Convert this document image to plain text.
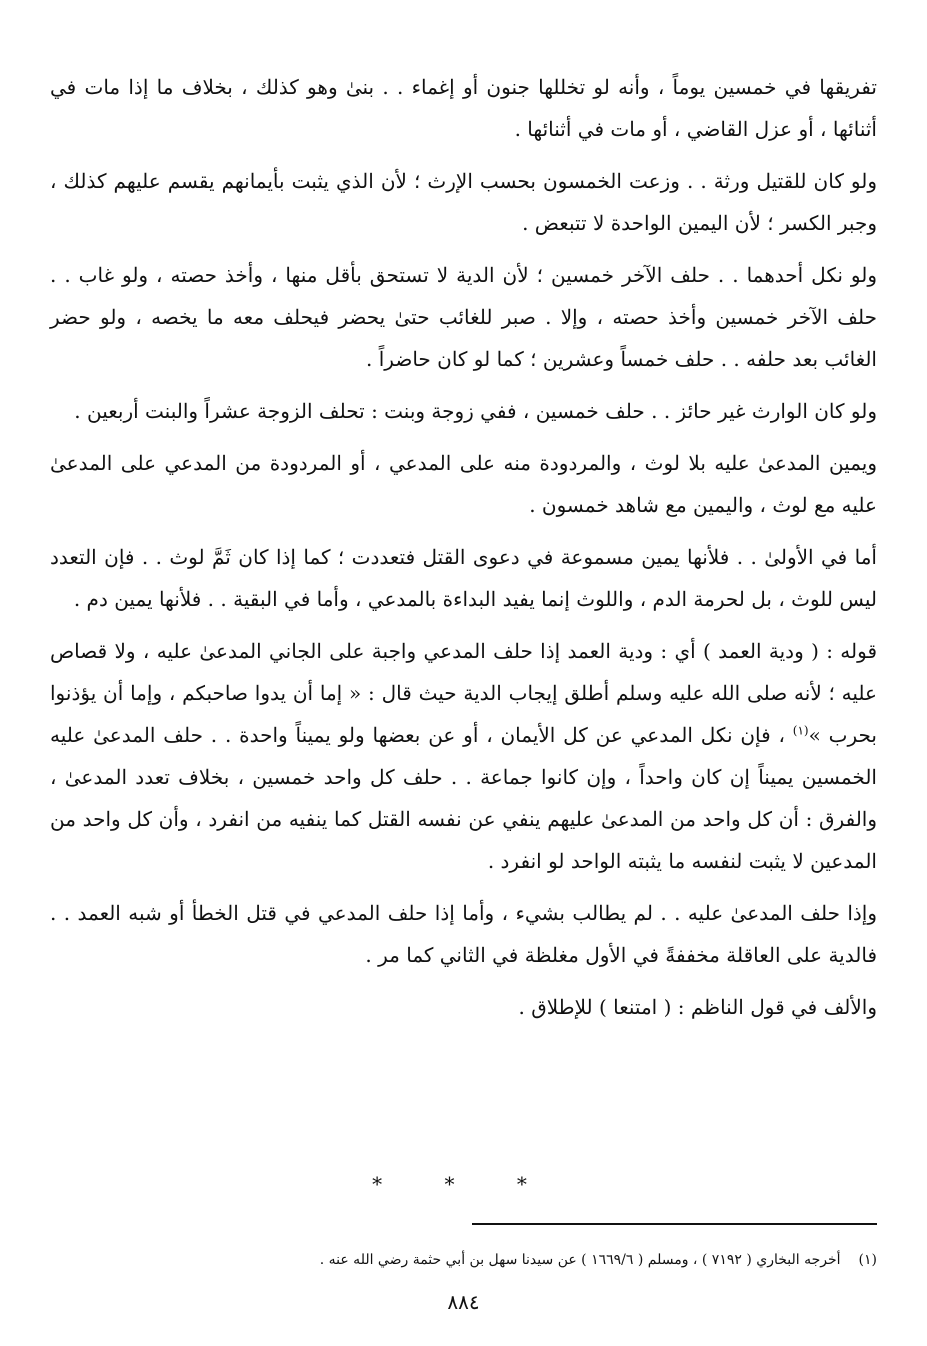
تفريقها في خمسين يوماً ، وأنه لو تخللها جنون أو إغماء . . بنىٰ وهو كذلك ، بخلاف ما إذا مات في أثنائها ، أو عزل القاضي ، أو مات في أثنائها .

ولو كان للقتيل ورثة . . وزعت الخمسون بحسب الإرث ؛ لأن الذي يثبت بأيمانهم يقسم عليهم كذلك ، وجبر الكسر ؛ لأن اليمين الواحدة لا تتبعض .

ولو نكل أحدهما . . حلف الآخر خمسين ؛ لأن الدية لا تستحق بأقل منها ، وأخذ حصته ، ولو غاب . . حلف الآخر خمسين وأخذ حصته ، وإلا . صبر للغائب حتىٰ يحضر فيحلف معه ما يخصه ، ولو حضر الغائب بعد حلفه . . حلف خمساً وعشرين ؛ كما لو كان حاضراً .

ولو كان الوارث غير حائز . . حلف خمسين ، ففي زوجة وبنت : تحلف الزوجة عشراً والبنت أربعين .

ويمين المدعىٰ عليه بلا لوث ، والمردودة منه على المدعي ، أو المردودة من المدعي على المدعىٰ عليه مع لوث ، واليمين مع شاهد خمسون .

أما في الأولىٰ . . فلأنها يمين مسموعة في دعوى القتل فتعددت ؛ كما إذا كان ثَمَّ لوث . . فإن التعدد ليس للوث ، بل لحرمة الدم ، واللوث إنما يفيد البداءة بالمدعي ، وأما في البقية . . فلأنها يمين دم .

قوله : ( ودية العمد ) أي : ودية العمد إذا حلف المدعي واجبة على الجاني المدعىٰ عليه ، ولا قصاص عليه ؛ لأنه صلى الله عليه وسلم أطلق إيجاب الدية حيث قال : « إما أن يدوا صاحبكم ، وإما أن يؤذنوا بحرب »$^{(١)}$ ، فإن نكل المدعي عن كل الأيمان ، أو عن بعضها ولو يميناً واحدة . . حلف المدعىٰ عليه الخمسين يميناً إن كان واحداً ، وإن كانوا جماعة . . حلف كل واحد خمسين ، بخلاف تعدد المدعىٰ ، والفرق : أن كل واحد من المدعىٰ عليهم ينفي عن نفسه القتل كما ينفيه من انفرد ، وأن كل واحد من المدعين لا يثبت لنفسه ما يثبته الواحد لو انفرد .

وإذا حلف المدعىٰ عليه . . لم يطالب بشيء ، وأما إذا حلف المدعي في قتل الخطأ أو شبه العمد . . فالدية على العاقلة مخففةً في الأول مغلظة في الثاني كما مر .

والألف في قول الناظم : ( امتنعا ) للإطلاق .

* * *
(١)أخرجه البخاري ( ٧١٩٢ ) ، ومسلم ( ١٦٦٩/٦ ) عن سيدنا سهل بن أبي حثمة رضي الله عنه .
٨٨٤
